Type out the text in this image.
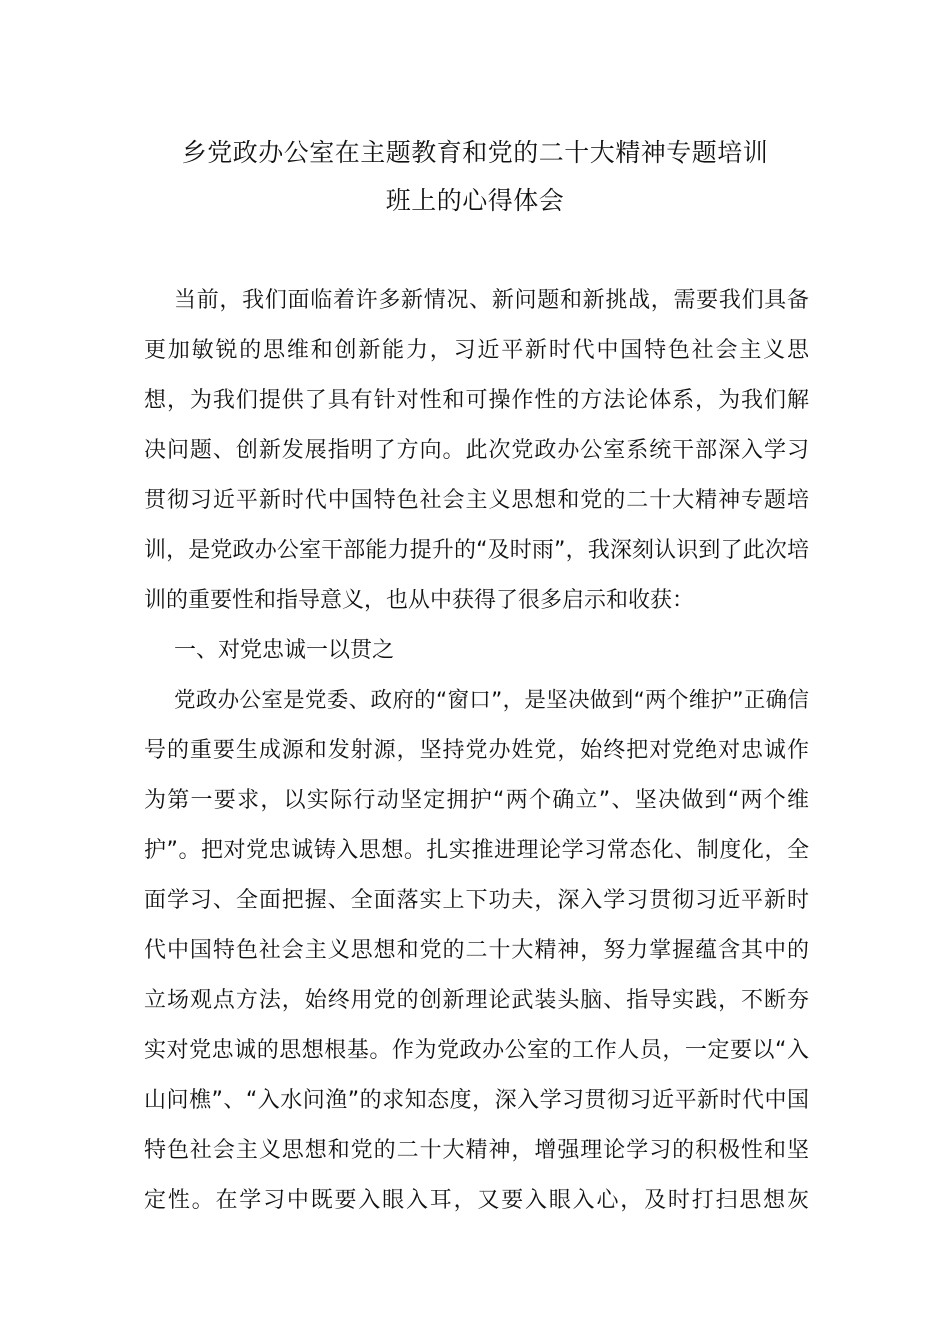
乡党政办公室在主题教育和党的二十大精神专题培训
班上的心得体会
当前，我们面临着许多新情况、新问题和新挑战，需要我们具备
更加敏锐的思维和创新能力，习近平新时代中国特色社会主义思
想，为我们提供了具有针对性和可操作性的方法论体系，为我们解
决问题、创新发展指明了方向。此次党政办公室系统干部深入学习
贯彻习近平新时代中国特色社会主义思想和党的二十大精神专题培
训，是党政办公室干部能力提升的“及时雨”，我深刻认识到了此次培
训的重要性和指导意义，也从中获得了很多启示和收获：
一、对党忠诚一以贯之
党政办公室是党委、政府的“窗口”，是坚决做到“两个维护”正确信
号的重要生成源和发射源，坚持党办姓党，始终把对党绝对忠诚作
为第一要求，以实际行动坚定拥护“两个确立”、坚决做到“两个维
护”。把对党忠诚铸入思想。扎实推进理论学习常态化、制度化，全
面学习、全面把握、全面落实上下功夫，深入学习贯彻习近平新时
代中国特色社会主义思想和党的二十大精神，努力掌握蕴含其中的
立场观点方法，始终用党的创新理论武装头脑、指导实践，不断夯
实对党忠诚的思想根基。作为党政办公室的工作人员，一定要以“入
山问樵”、“入水问渔”的求知态度，深入学习贯彻习近平新时代中国
特色社会主义思想和党的二十大精神，增强理论学习的积极性和坚
定性。在学习中既要入眼入耳，又要入眼入心，及时打扫思想灰
